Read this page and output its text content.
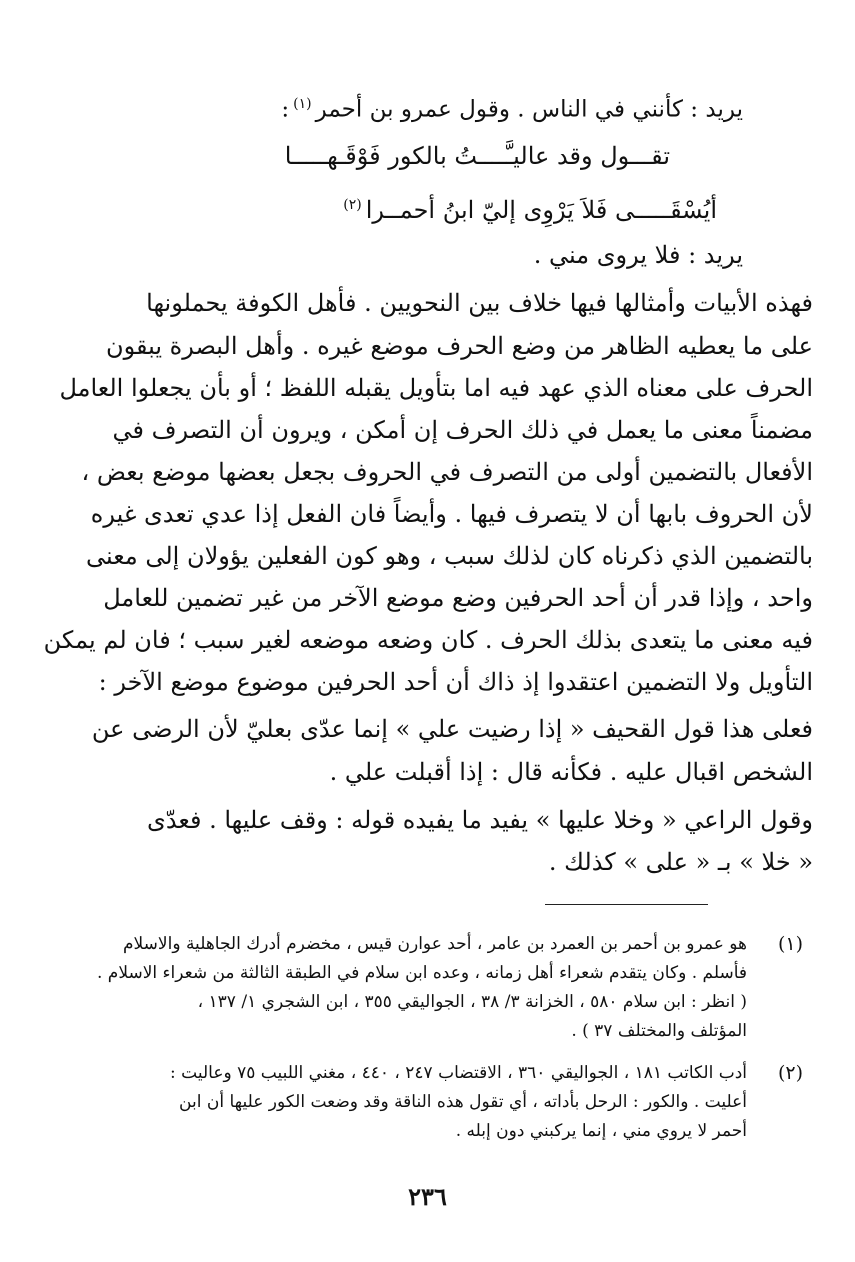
يريد : كأنني في الناس . وقول عمرو بن أحمر$^{(١)}$:
تقـــول وقد عاليـَّــــتُ بالكور فَوْقَـهـــــا
أيُسْقَـــــى فَلاَ يَرْوِى إليّ ابنُ أحمــرا$^{(٢)}$
يريد : فلا يروى مني .
فهذه الأبيات وأمثالها فيها خلاف بين النحويين . فأهل الكوفة يحملونها
على ما يعطيه الظاهر من وضع الحرف موضع غيره . وأهل البصرة يبقون
الحرف على معناه الذي عهد فيه اما بتأويل يقبله اللفظ ؛ أو بأن يجعلوا العامل
مضمناً معنى ما يعمل في ذلك الحرف إن أمكن ، ويرون أن التصرف في
الأفعال بالتضمين أولى من التصرف في الحروف بجعل بعضها موضع بعض ،
لأن الحروف بابها أن لا يتصرف فيها . وأيضاً فان الفعل إذا عدي تعدى غيره
بالتضمين الذي ذكرناه كان لذلك سبب ، وهو كون الفعلين يؤولان إلى معنى
واحد ، وإذا قدر أن أحد الحرفين وضع موضع الآخر من غير تضمين للعامل
فيه معنى ما يتعدى بذلك الحرف . كان وضعه موضعه لغير سبب ؛ فان لم يمكن
التأويل ولا التضمين اعتقدوا إذ ذاك أن أحد الحرفين موضوع موضع الآخر :
فعلى هذا قول القحيف « إذا رضيت علي » إنما عدّى بعليّ لأن الرضى عن
الشخص اقبال عليه . فكأنه قال : إذا أقبلت علي .
وقول الراعي « وخلا عليها » يفيد ما يفيده قوله : وقف عليها . فعدّى
« خلا » بـ « على » كذلك .
(١)
هو عمرو بن أحمر بن العمرد بن عامر ، أحد عوارن قيس ، مخضرم أدرك الجاهلية والاسلام
فأسلم . وكان يتقدم شعراء أهل زمانه ، وعده ابن سلام في الطبقة الثالثة من شعراء الاسلام .
( انظر : ابن سلام ٥٨٠ ، الخزانة ٣/ ٣٨ ، الجواليقي ٣٥٥ ، ابن الشجري ١/ ١٣٧ ،
المؤتلف والمختلف ٣٧ ) .
(٢)
أدب الكاتب ١٨١ ، الجواليقي ٣٦٠ ، الاقتضاب ٢٤٧ ، ٤٤٠ ، مغني اللبيب ٧٥ وعاليت :
أعليت . والكور : الرحل بأداته ، أي تقول هذه الناقة وقد وضعت الكور عليها أن ابن
أحمر لا يروي مني ، إنما يركبني دون إبله .
٢٣٦
